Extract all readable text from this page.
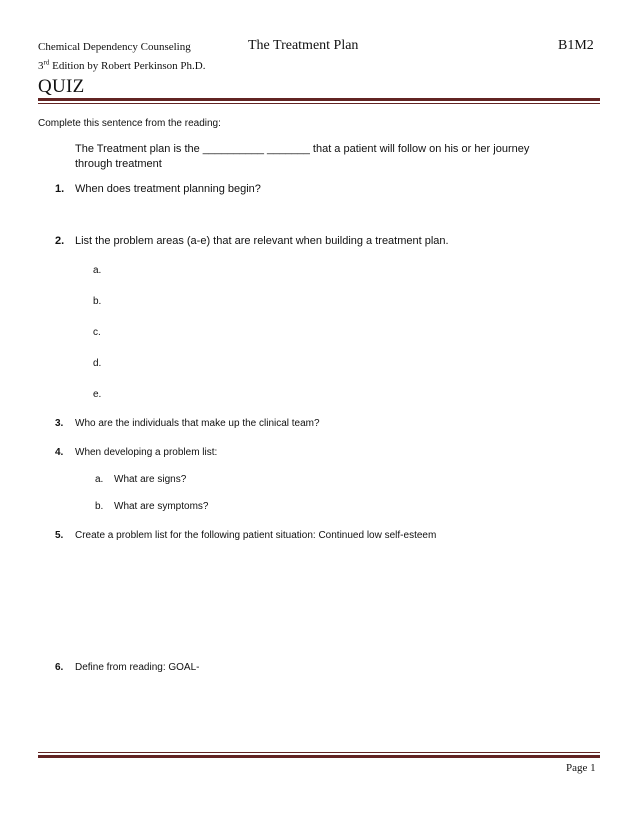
Chemical Dependency Counseling
3rd Edition by Robert Perkinson Ph.D.
The Treatment Plan	B1M2
QUIZ
Complete this sentence from the reading:
The Treatment plan is the __________ _______ that a patient will follow on his or her journey
through treatment
1. When does treatment planning begin?
2. List the problem areas (a-e) that are relevant when building a treatment plan.
a.
b.
c.
d.
e.
3. Who are the individuals that make up the clinical team?
4. When developing a problem list:
a. What are signs?
b. What are symptoms?
5. Create a problem list for the following patient situation: Continued low self-esteem
6. Define from reading: GOAL-
Page 1
